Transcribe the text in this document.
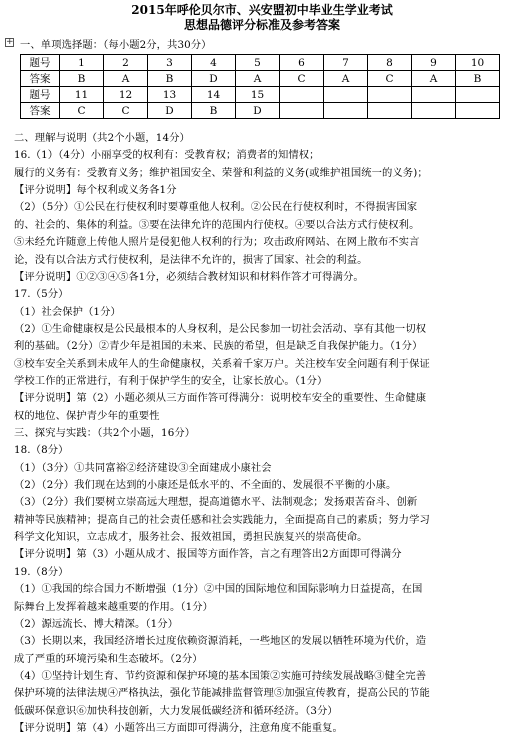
2015年呼伦贝尔市、兴安盟初中毕业生学业考试
思想品德评分标准及参考答案
+ 一、单项选择题：（每小题2分，共30分）
题号	1	2	3	4	5	6	7	8	9	10
答案	B	A	B	D	A	C	A	C	A	B
题号	11	12	13	14	15					
答案	C	C	D	B	D					
二、理解与说明（共2个小题，14分）
16.（1）（4分）小丽享受的权利有：受教育权；消费者的知情权；
履行的义务有：受教育义务；维护祖国安全、荣誉和利益的义务(或维护祖国统一的义务)；
【评分说明】每个权利或义务各1分
（2）（5分）①公民在行使权利时要尊重他人权利。②公民在行使权利时，不得损害国家
的、社会的、集体的利益。③要在法律允许的范围内行使权。④要以合法方式行使权利。
⑤未经允许随意上传他人照片是侵犯他人权利的行为；攻击政府网站、在网上散布不实言
论，没有以合法方式行使权利，是法律不允许的，损害了国家、社会的利益。
【评分说明】①②③④⑤各1分，必须结合教材知识和材料作答才可得满分。
17.（5分）
（1）社会保护（1分）
（2）①生命健康权是公民最根本的人身权利，是公民参加一切社会活动、享有其他一切权
利的基础。（2分）②青少年是祖国的未来、民族的希望，但是缺乏自我保护能力。（1分）
③校车安全关系到未成年人的生命健康权，关系着千家万户。关注校车安全问题有利于保证
学校工作的正常进行，有利于保护学生的安全，让家长放心。（1分）
【评分说明】第（2）小题必须从三方面作答可得满分：说明校车安全的重要性、生命健康
权的地位、保护青少年的重要性
三、探究与实践：（共2个小题，16分）
18.（8分）
（1）（3分）①共同富裕②经济建设③全面建成小康社会
（2）（2分）我们现在达到的小康还是低水平的、不全面的、发展很不平衡的小康。
（3）（2分）我们要树立崇高远大理想，提高道德水平、法制观念；发扬艰苦奋斗、创新
精神等民族精神；提高自己的社会责任感和社会实践能力，全面提高自己的素质；努力学习
科学文化知识，立志成才，服务社会、报效祖国，勇担民族复兴的崇高使命。
【评分说明】第（3）小题从成才、报国等方面作答，言之有理答出2方面即可得满分
19.（8分）
（1）①我国的综合国力不断增强（1分）②中国的国际地位和国际影响力日益提高，在国
际舞台上发挥着越来越重要的作用。（1分）
（2）源远流长、博大精深。（1分）
（3）长期以来，我国经济增长过度依赖资源消耗，一些地区的发展以牺牲环境为代价，造
成了严重的环境污染和生态破坏。（2分）
（4）①坚持计划生育、节约资源和保护环境的基本国策②实施可持续发展战略③健全完善
保护环境的法律法规④严格执法，强化节能减排监督管理⑤加强宣传教育，提高公民的节能
低碳环保意识⑥加快科技创新，大力发展低碳经济和循环经济。（3分）
【评分说明】第（4）小题答出三方面即可得满分，注意角度不能重复。
